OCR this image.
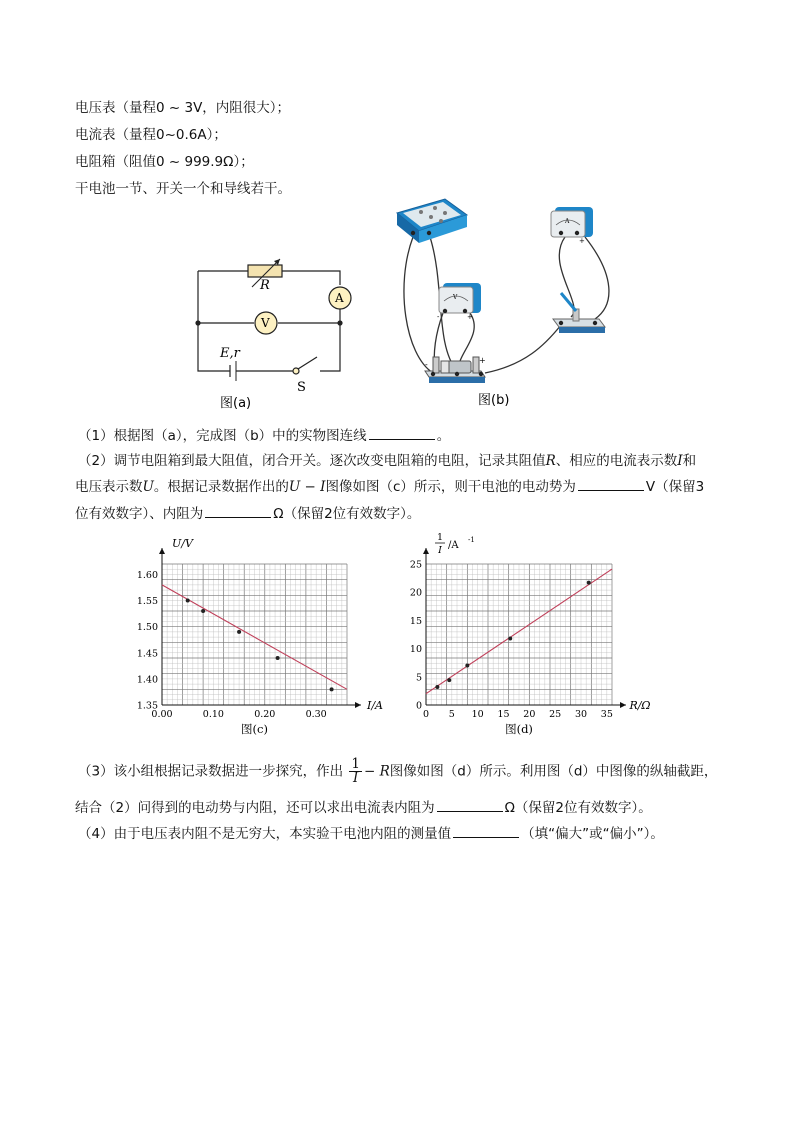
电压表（量程0 ~ 3V，内阻很大）；
电流表（量程0~0.6A）；
电阻箱（阻值0 ~ 999.9Ω）；
干电池一节、开关一个和导线若干。
R
A
V
E,r
S
图(a)
A
+
V
-	+
-	+
图(b)
（1）根据图（a），完成图（b）中的实物图连线	。
（2）调节电阻箱到最大阻值，闭合开关。逐次改变电阻箱的电阻，记录其阻值R、相应的电流表示数I和
电压表示数U。根据记录数据作出的U − I图像如图（c）所示，则干电池的电动势为	V（保留3
位有效数字）、内阻为	Ω（保留2位有效数字）。
0.00	0.10	0.20	0.30
1.35
1.40
1.45
1.50
1.55
1.60
I/A
图(c)
0 5 10 15 20 25 30 35
0
5
10
15
20
25
R/Ω
图(d)
U/V	1
I /A -1
（3）该小组根据记录数据进一步探究，作出 $\frac{1}{I} - R$图像如图（d）所示。利用图（d）中图像的纵轴截距，
结合（2）问得到的电动势与内阻，还可以求出电流表内阻为	Ω（保留2位有效数字）。
（4）由于电压表内阻不是无穷大，本实验干电池内阻的测量值	（填“偏大”或“偏小”）。
